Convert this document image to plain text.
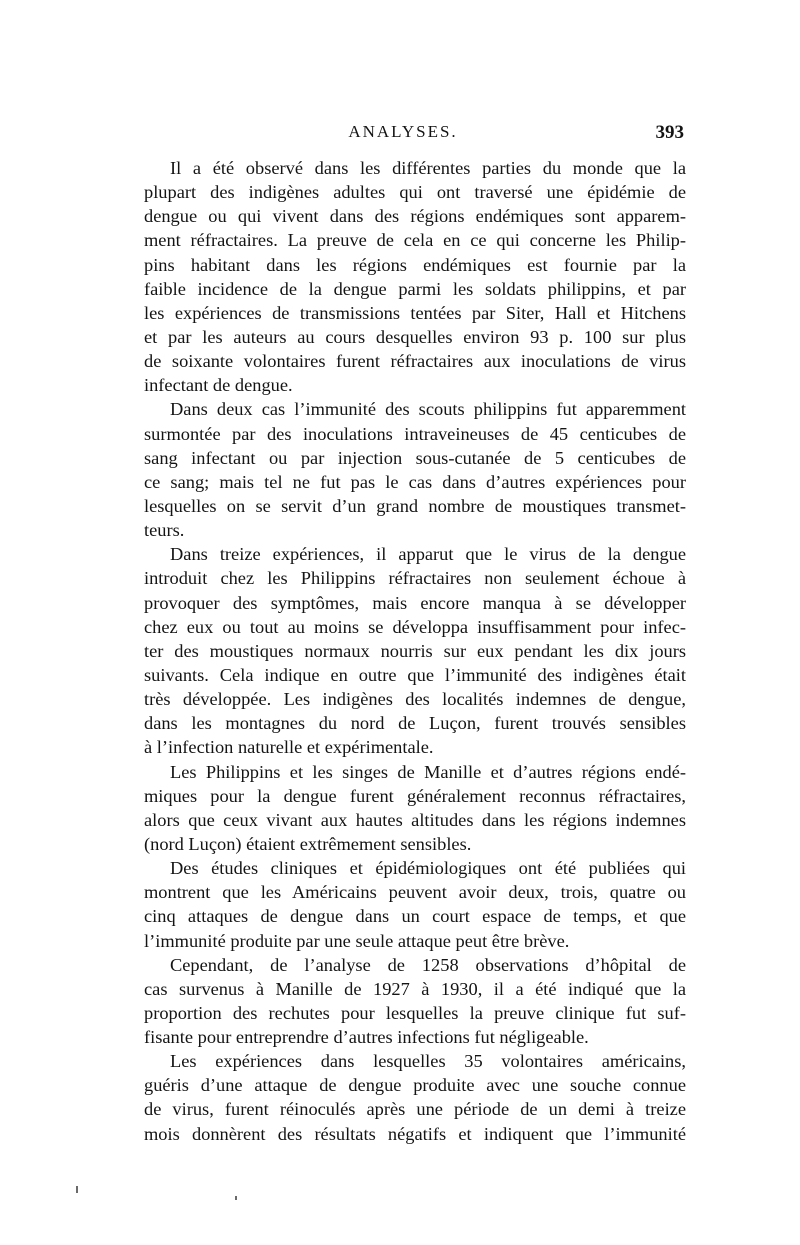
ANALYSES.	393

Il a été observé dans les différentes parties du monde que la
plupart des indigènes adultes qui ont traversé une épidémie de
dengue ou qui vivent dans des régions endémiques sont apparem-
ment réfractaires. La preuve de cela en ce qui concerne les Philip-
pins habitant dans les régions endémiques est fournie par la
faible incidence de la dengue parmi les soldats philippins, et par
les expériences de transmissions tentées par Siter, Hall et Hitchens
et par les auteurs au cours desquelles environ 93 p. 100 sur plus
de soixante volontaires furent réfractaires aux inoculations de virus
infectant de dengue.

Dans deux cas l’immunité des scouts philippins fut apparemment
surmontée par des inoculations intraveineuses de 45 centicubes de
sang infectant ou par injection sous-cutanée de 5 centicubes de
ce sang; mais tel ne fut pas le cas dans d’autres expériences pour
lesquelles on se servit d’un grand nombre de moustiques transmet-
teurs.

Dans treize expériences, il apparut que le virus de la dengue
introduit chez les Philippins réfractaires non seulement échoue à
provoquer des symptômes, mais encore manqua à se développer
chez eux ou tout au moins se développa insuffisamment pour infec-
ter des moustiques normaux nourris sur eux pendant les dix jours
suivants. Cela indique en outre que l’immunité des indigènes était
très développée. Les indigènes des localités indemnes de dengue,
dans les montagnes du nord de Luçon, furent trouvés sensibles
à l’infection naturelle et expérimentale.

Les Philippins et les singes de Manille et d’autres régions endé-
miques pour la dengue furent généralement reconnus réfractaires,
alors que ceux vivant aux hautes altitudes dans les régions indemnes
(nord Luçon) étaient extrêmement sensibles.

Des études cliniques et épidémiologiques ont été publiées qui
montrent que les Américains peuvent avoir deux, trois, quatre ou
cinq attaques de dengue dans un court espace de temps, et que
l’immunité produite par une seule attaque peut être brève.

Cependant, de l’analyse de 1258 observations d’hôpital de
cas survenus à Manille de 1927 à 1930, il a été indiqué que la
proportion des rechutes pour lesquelles la preuve clinique fut suf-
fisante pour entreprendre d’autres infections fut négligeable.

Les expériences dans lesquelles 35 volontaires américains,
guéris d’une attaque de dengue produite avec une souche connue
de virus, furent réinoculés après une période de un demi à treize
mois donnèrent des résultats négatifs et indiquent que l’immunité
